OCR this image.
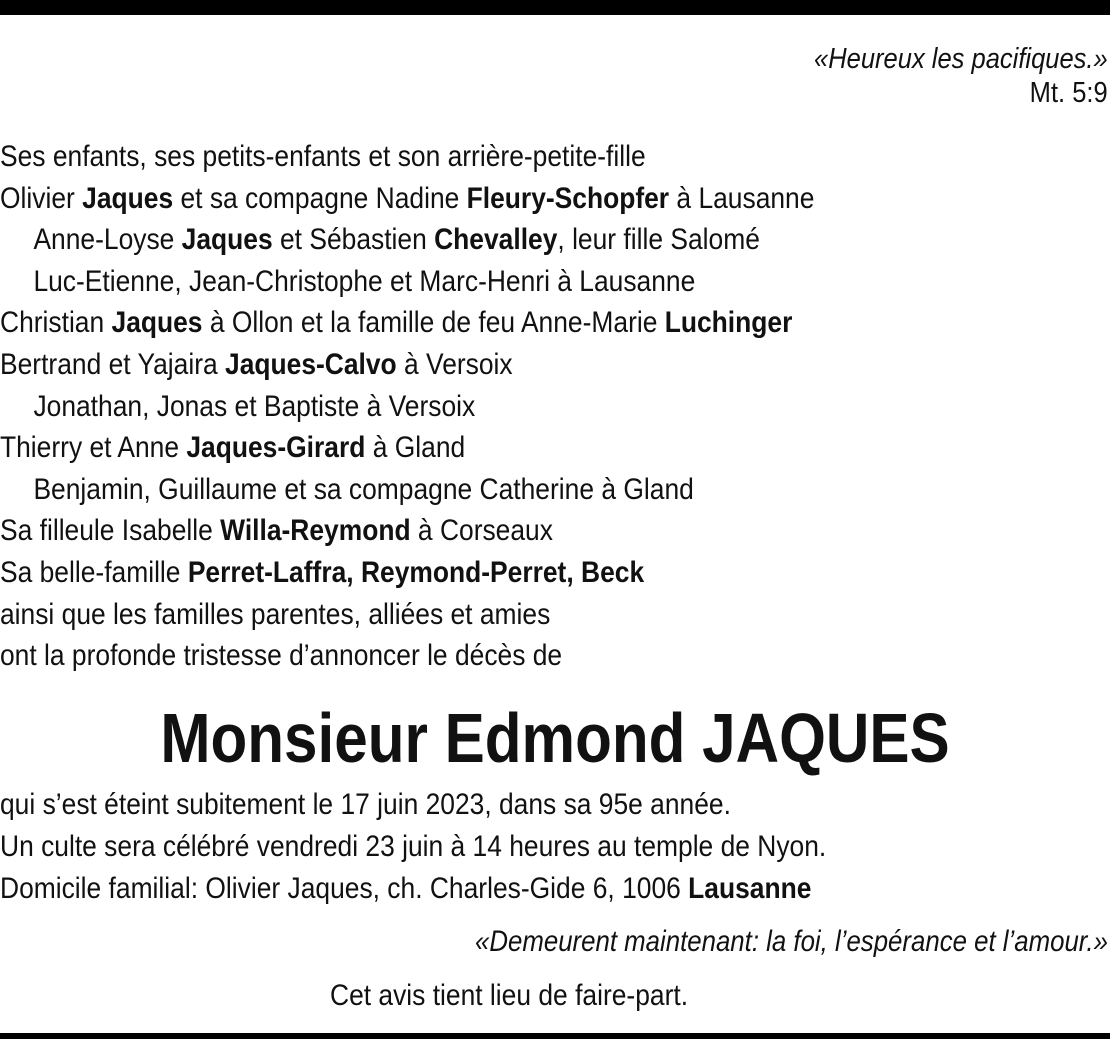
«Heureux les pacifiques.»
Mt. 5:9
Ses enfants, ses petits-enfants et son arrière-petite-fille
Olivier Jaques et sa compagne Nadine Fleury-Schopfer à Lausanne
Anne-Loyse Jaques et Sébastien Chevalley, leur fille Salomé
Luc-Etienne, Jean-Christophe et Marc-Henri à Lausanne
Christian Jaques à Ollon et la famille de feu Anne-Marie Luchinger
Bertrand et Yajaira Jaques-Calvo à Versoix
Jonathan, Jonas et Baptiste à Versoix
Thierry et Anne Jaques-Girard à Gland
Benjamin, Guillaume et sa compagne Catherine à Gland
Sa filleule Isabelle Willa-Reymond à Corseaux
Sa belle-famille Perret-Laffra, Reymond-Perret, Beck
ainsi que les familles parentes, alliées et amies
ont la profonde tristesse d’annoncer le décès de
Monsieur Edmond JAQUES
qui s’est éteint subitement le 17 juin 2023, dans sa 95e année.
Un culte sera célébré vendredi 23 juin à 14 heures au temple de Nyon.
Domicile familial: Olivier Jaques, ch. Charles-Gide 6, 1006 Lausanne
«Demeurent maintenant: la foi, l’espérance et l’amour.»
Cet avis tient lieu de faire-part.
